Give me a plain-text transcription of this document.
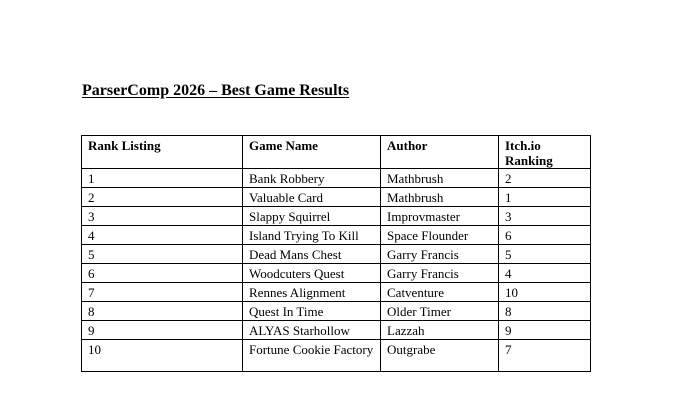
ParserComp 2026 – Best Game Results
Rank Listing	Game Name	Author	Itch.io Ranking
1	Bank Robbery	Mathbrush	2
2	Valuable Card	Mathbrush	1
3	Slappy Squirrel	Improvmaster	3
4	Island Trying To Kill	Space Flounder	6
5	Dead Mans Chest	Garry Francis	5
6	Woodcuters Quest	Garry Francis	4
7	Rennes Alignment	Catventure	10
8	Quest In Time	Older Timer	8
9	ALYAS Starhollow	Lazzah	9
10	Fortune Cookie Factory	Outgrabe	7
